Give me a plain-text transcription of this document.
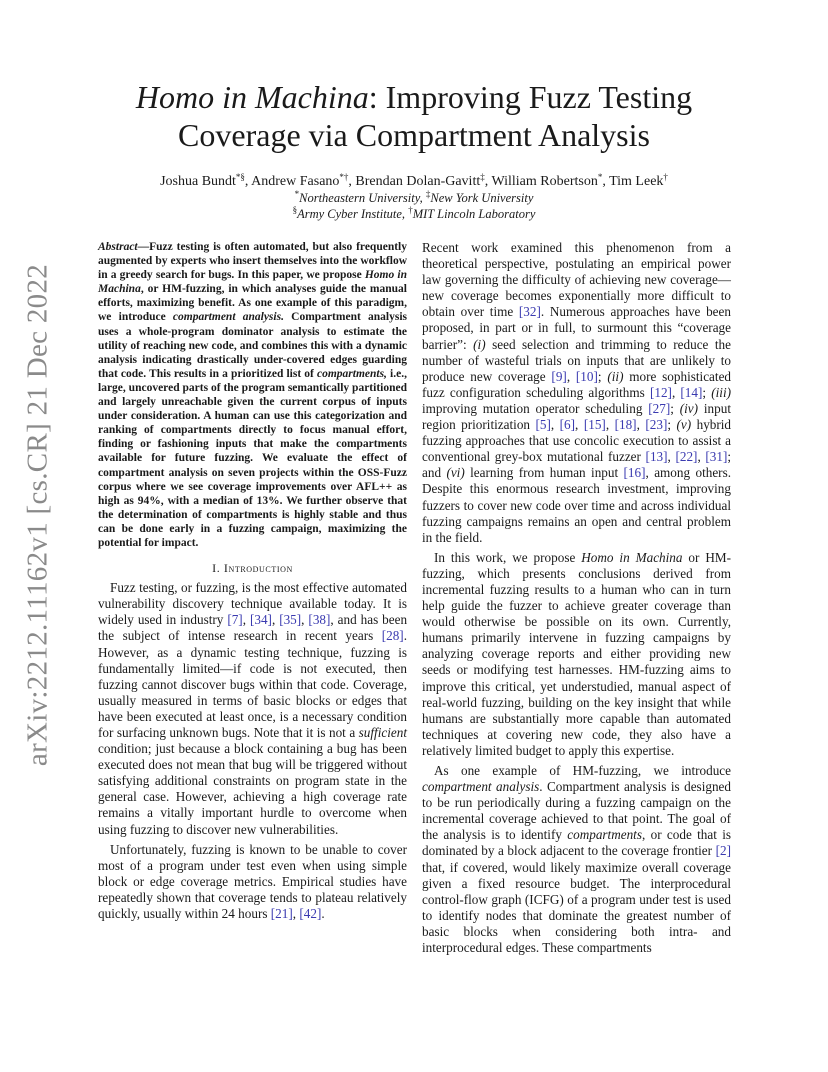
arXiv:2212.11162v1 [cs.CR] 21 Dec 2022
Homo in Machina: Improving Fuzz Testing
Coverage via Compartment Analysis
Joshua Bundt*§, Andrew Fasano*†, Brendan Dolan-Gavitt‡, William Robertson*, Tim Leek†
*Northeastern University, ‡New York University
§Army Cyber Institute, †MIT Lincoln Laboratory

Abstract—Fuzz testing is often automated, but also frequently augmented by experts who insert themselves into the workflow in a greedy search for bugs. In this paper, we propose Homo in Machina, or HM-fuzzing, in which analyses guide the manual efforts, maximizing benefit. As one example of this paradigm, we introduce compartment analysis. Compartment analysis uses a whole-program dominator analysis to estimate the utility of reaching new code, and combines this with a dynamic analysis indicating drastically under-covered edges guarding that code. This results in a prioritized list of compartments, i.e., large, uncovered parts of the program semantically partitioned and largely unreachable given the current corpus of inputs under consideration. A human can use this categorization and ranking of compartments directly to focus manual effort, finding or fashioning inputs that make the compartments available for future fuzzing. We evaluate the effect of compartment analysis on seven projects within the OSS-Fuzz corpus where we see coverage improvements over AFL++ as high as 94%, with a median of 13%. We further observe that the determination of compartments is highly stable and thus can be done early in a fuzzing campaign, maximizing the potential for impact.

I. Introduction

Fuzz testing, or fuzzing, is the most effective automated vulnerability discovery technique available today. It is widely used in industry [7], [34], [35], [38], and has been the subject of intense research in recent years [28]. However, as a dynamic testing technique, fuzzing is fundamentally limited—if code is not executed, then fuzzing cannot discover bugs within that code. Coverage, usually measured in terms of basic blocks or edges that have been executed at least once, is a necessary condition for surfacing unknown bugs. Note that it is not a sufficient condition; just because a block containing a bug has been executed does not mean that bug will be triggered without satisfying additional constraints on program state in the general case. However, achieving a high coverage rate remains a vitally important hurdle to overcome when using fuzzing to discover new vulnerabilities.

Unfortunately, fuzzing is known to be unable to cover most of a program under test even when using simple block or edge coverage metrics. Empirical studies have repeatedly shown that coverage tends to plateau relatively quickly, usually within 24 hours [21], [42].

Recent work examined this phenomenon from a theoretical perspective, postulating an empirical power law governing the difficulty of achieving new coverage—new coverage becomes exponentially more difficult to obtain over time [32]. Numerous approaches have been proposed, in part or in full, to surmount this “coverage barrier”: (i) seed selection and trimming to reduce the number of wasteful trials on inputs that are unlikely to produce new coverage [9], [10]; (ii) more sophisticated fuzz configuration scheduling algorithms [12], [14]; (iii) improving mutation operator scheduling [27]; (iv) input region prioritization [5], [6], [15], [18], [23]; (v) hybrid fuzzing approaches that use concolic execution to assist a conventional grey-box mutational fuzzer [13], [22], [31]; and (vi) learning from human input [16], among others. Despite this enormous research investment, improving fuzzers to cover new code over time and across individual fuzzing campaigns remains an open and central problem in the field.

In this work, we propose Homo in Machina or HM-fuzzing, which presents conclusions derived from incremental fuzzing results to a human who can in turn help guide the fuzzer to achieve greater coverage than would otherwise be possible on its own. Currently, humans primarily intervene in fuzzing campaigns by analyzing coverage reports and either providing new seeds or modifying test harnesses. HM-fuzzing aims to improve this critical, yet understudied, manual aspect of real-world fuzzing, building on the key insight that while humans are substantially more capable than automated techniques at covering new code, they also have a relatively limited budget to apply this expertise.

As one example of HM-fuzzing, we introduce compartment analysis. Compartment analysis is designed to be run periodically during a fuzzing campaign on the incremental coverage achieved to that point. The goal of the analysis is to identify compartments, or code that is dominated by a block adjacent to the coverage frontier [2] that, if covered, would likely maximize overall coverage given a fixed resource budget. The interprocedural control-flow graph (ICFG) of a program under test is used to identify nodes that dominate the greatest number of basic blocks when considering both intra- and interprocedural edges. These compartments
